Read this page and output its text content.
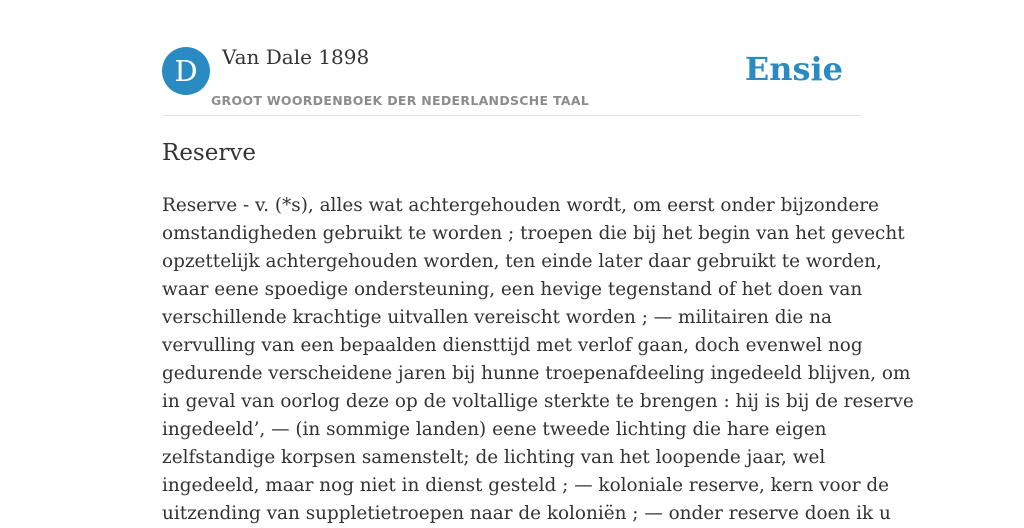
D	Van Dale 1898
GROOT WOORDENBOEK DER NEDERLANDSCHE TAAL
Ensie
Reserve
Reserve - v. (*s), alles wat achtergehouden wordt, om eerst onder bijzondere
omstandigheden gebruikt te worden ; troepen die bij het begin van het gevecht
opzettelijk achtergehouden worden, ten einde later daar gebruikt te worden,
waar eene spoedige ondersteuning, een hevige tegenstand of het doen van
verschillende krachtige uitvallen vereischt worden ; — militairen die na
vervulling van een bepaalden diensttijd met verlof gaan, doch evenwel nog
gedurende verscheidene jaren bij hunne troepenafdeeling ingedeeld blijven, om
in geval van oorlog deze op de voltallige sterkte te brengen : hij is bij de reserve
ingedeeld’, — (in sommige landen) eene tweede lichting die hare eigen
zelfstandige korpsen samenstelt; de lichting van het loopende jaar, wel
ingedeeld, maar nog niet in dienst gesteld ; — koloniale reserve, kern voor de
uitzending van suppletietroepen naar de koloniën ; — onder reserve doen ik u
